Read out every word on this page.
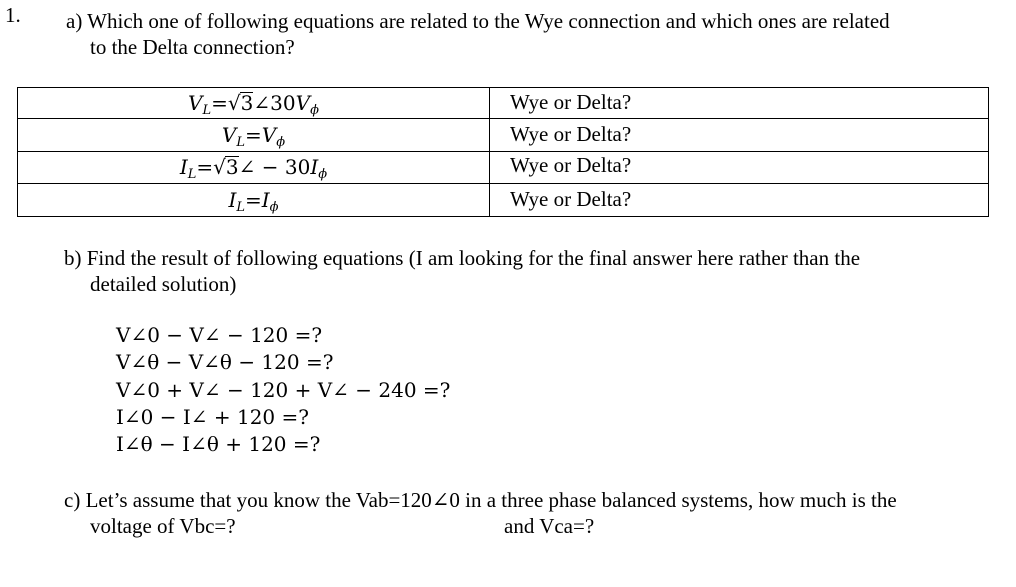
1. a) Which one of following equations are related to the Wye connection and which ones are related
to the Delta connection?
$V_L=√3\angle 30V_\phi$	Wye or Delta?
$V_L=V_\phi$	Wye or Delta?
$I_L=√3\angle - 30I_\phi$	Wye or Delta?
$I_L=I_\phi$	Wye or Delta?
b) Find the result of following equations (I am looking for the final answer here rather than the
detailed solution)
V∠0 − V∠ − 120 =?
V∠θ − V∠θ − 120 =?
V∠0 + V∠ − 120 + V∠ − 240 =?
I∠0 − I∠ + 120 =?
I∠θ − I∠θ + 120 =?
c) Let’s assume that you know the Vab=120∠0 in a three phase balanced systems, how much is the
voltage of Vbc=?	and Vca=?
